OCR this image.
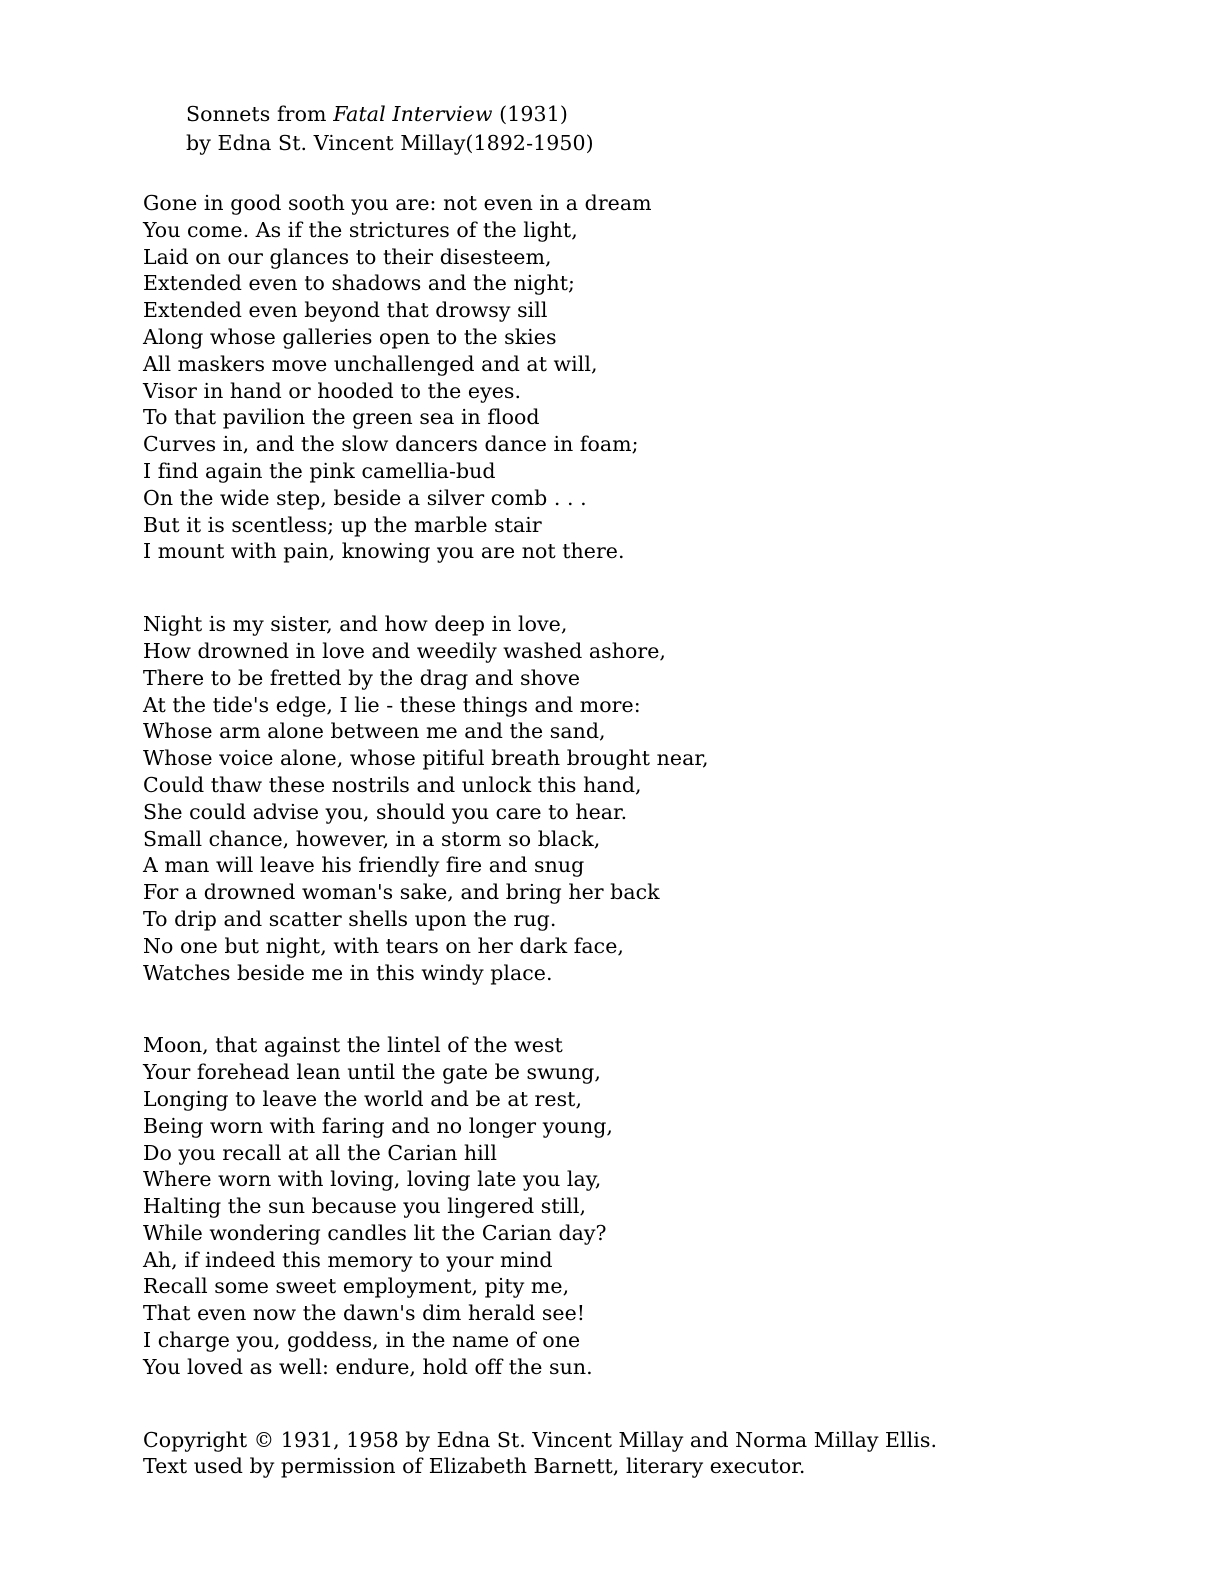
Sonnets from Fatal Interview (1931)
by Edna St. Vincent Millay(1892-1950)
Gone in good sooth you are: not even in a dream
You come. As if the strictures of the light,
Laid on our glances to their disesteem,
Extended even to shadows and the night;
Extended even beyond that drowsy sill
Along whose galleries open to the skies
All maskers move unchallenged and at will,
Visor in hand or hooded to the eyes.
To that pavilion the green sea in flood
Curves in, and the slow dancers dance in foam;
I find again the pink camellia-bud
On the wide step, beside a silver comb . . .
But it is scentless; up the marble stair
I mount with pain, knowing you are not there.
Night is my sister, and how deep in love,
How drowned in love and weedily washed ashore,
There to be fretted by the drag and shove
At the tide's edge, I lie - these things and more:
Whose arm alone between me and the sand,
Whose voice alone, whose pitiful breath brought near,
Could thaw these nostrils and unlock this hand,
She could advise you, should you care to hear.
Small chance, however, in a storm so black,
A man will leave his friendly fire and snug
For a drowned woman's sake, and bring her back
To drip and scatter shells upon the rug.
No one but night, with tears on her dark face,
Watches beside me in this windy place.
Moon, that against the lintel of the west
Your forehead lean until the gate be swung,
Longing to leave the world and be at rest,
Being worn with faring and no longer young,
Do you recall at all the Carian hill
Where worn with loving, loving late you lay,
Halting the sun because you lingered still,
While wondering candles lit the Carian day?
Ah, if indeed this memory to your mind
Recall some sweet employment, pity me,
That even now the dawn's dim herald see!
I charge you, goddess, in the name of one
You loved as well: endure, hold off the sun.
Copyright © 1931, 1958 by Edna St. Vincent Millay and Norma Millay Ellis.
Text used by permission of Elizabeth Barnett, literary executor.
